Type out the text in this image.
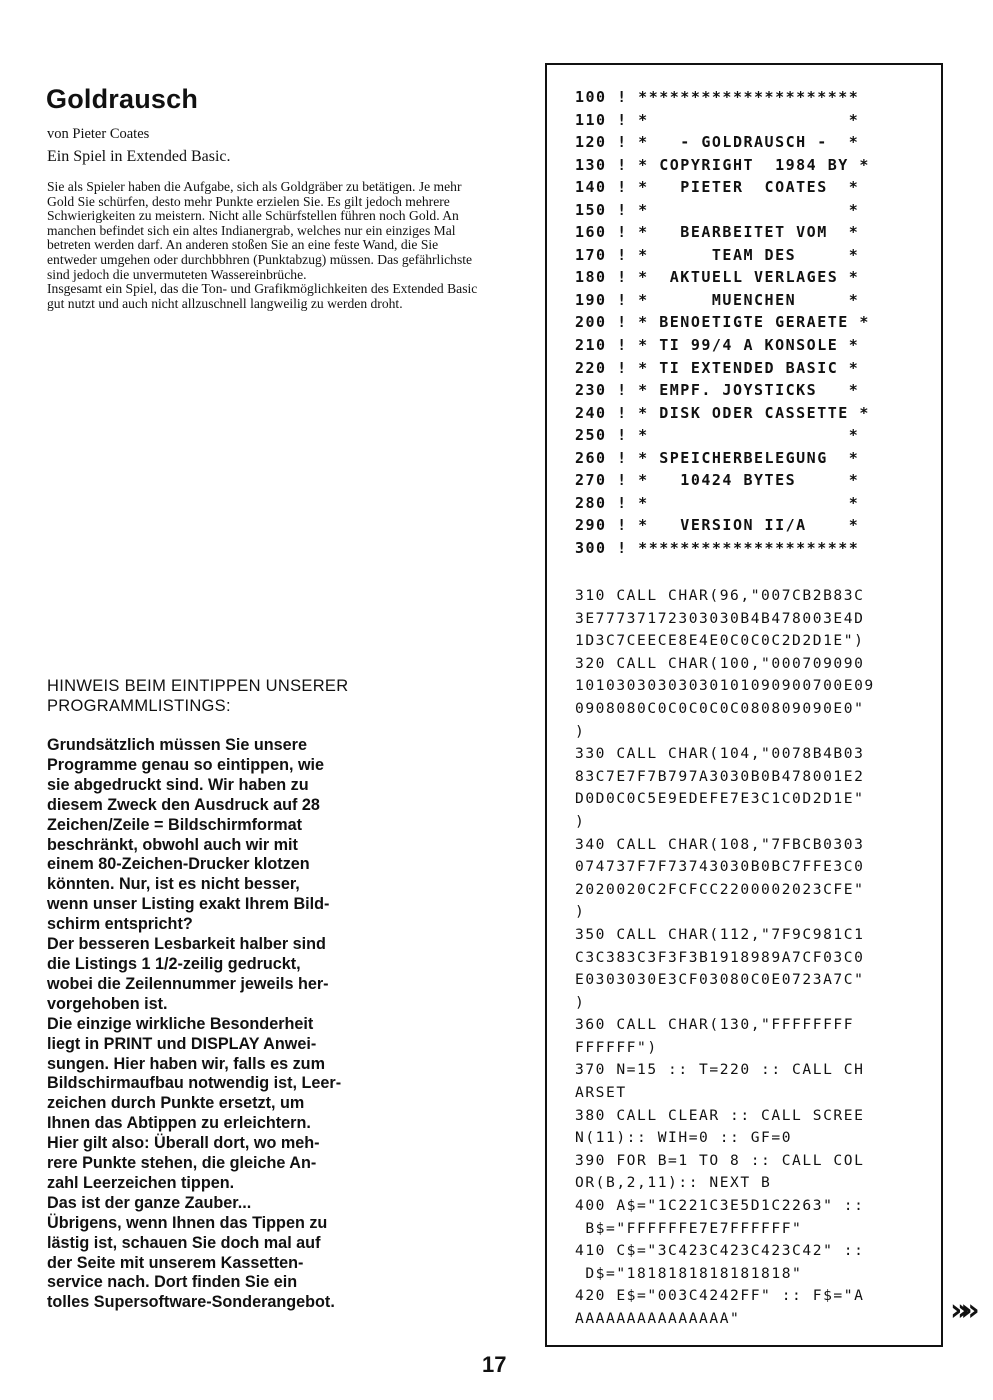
Goldrausch
von Pieter Coates
Ein Spiel in Extended Basic.

Sie als Spieler haben die Aufgabe, sich als Goldgräber zu betätigen. Je mehr Gold Sie schürfen, desto mehr Punkte erzielen Sie. Es gilt jedoch mehrere Schwierigkeiten zu meistern. Nicht alle Schürfstellen führen noch Gold. An manchen befindet sich ein altes Indianergrab, welches nur ein einziges Mal betreten werden darf. An anderen stoßen Sie an eine feste Wand, die Sie entweder umgehen oder durchbbhren (Punktabzug) müssen. Das gefährlichste sind jedoch die unvermuteten Wassereinbrüche.

Insgesamt ein Spiel, das die Ton- und Grafikmöglichkeiten des Extended Basic gut nutzt und auch nicht allzuschnell langweilig zu werden droht.

HINWEIS BEIM EINTIPPEN UNSERER
PROGRAMMLISTINGS:
Grundsätzlich müssen Sie unsere
Programme genau so eintippen, wie
sie abgedruckt sind. Wir haben zu
diesem Zweck den Ausdruck auf 28
Zeichen/Zeile = Bildschirmformat
beschränkt, obwohl auch wir mit
einem 80-Zeichen-Drucker klotzen
könnten. Nur, ist es nicht besser,
wenn unser Listing exakt Ihrem Bild-
schirm entspricht?
Der besseren Lesbarkeit halber sind
die Listings 1 1/2-zeilig gedruckt,
wobei die Zeilennummer jeweils her-
vorgehoben ist.
Die einzige wirkliche Besonderheit
liegt in PRINT und DISPLAY Anwei-
sungen. Hier haben wir, falls es zum
Bildschirmaufbau notwendig ist, Leer-
zeichen durch Punkte ersetzt, um
Ihnen das Abtippen zu erleichtern.
Hier gilt also: Überall dort, wo meh-
rere Punkte stehen, die gleiche An-
zahl Leerzeichen tippen.
Das ist der ganze Zauber...
Übrigens, wenn Ihnen das Tippen zu
lästig ist, schauen Sie doch mal auf
der Seite mit unserem Kassetten-
service nach. Dort finden Sie ein
tolles Supersoftware-Sonderangebot.
100 ! *********************
110 ! *                   *
120 ! *   - GOLDRAUSCH -  *
130 ! * COPYRIGHT  1984 BY *
140 ! *   PIETER  COATES  *
150 ! *                   *
160 ! *   BEARBEITET VOM  *
170 ! *      TEAM DES     *
180 ! *  AKTUELL VERLAGES *
190 ! *      MUENCHEN     *
200 ! * BENOETIGTE GERAETE *
210 ! * TI 99/4 A KONSOLE *
220 ! * TI EXTENDED BASIC *
230 ! * EMPF. JOYSTICKS   *
240 ! * DISK ODER CASSETTE *
250 ! *                   *
260 ! * SPEICHERBELEGUNG  *
270 ! *   10424 BYTES     *
280 ! *                   *
290 ! *   VERSION II/A    *
300 ! *********************
310 CALL CHAR(96,"007CB2B83C
3E77737172303030B4B478003E4D
1D3C7CEECE8E4E0C0C0C2D2D1E")
320 CALL CHAR(100,"000709090
10103030303030101090900700E09
0908080C0C0C0C0C080809090E0"
)
330 CALL CHAR(104,"0078B4B03
83C7E7F7B797A3030B0B478001E2
D0D0C0C5E9EDEFE7E3C1C0D2D1E"
)
340 CALL CHAR(108,"7FBCB0303
074737F7F73743030B0BC7FFE3C0
2020020C2FCFCC2200002023CFE"
)
350 CALL CHAR(112,"7F9C981C1
C3C383C3F3F3B1918989A7CF03C0
E0303030E3CF03080C0E0723A7C"
)
360 CALL CHAR(130,"FFFFFFFF
FFFFFF")
370 N=15 :: T=220 :: CALL CH
ARSET
380 CALL CLEAR :: CALL SCREE
N(11):: WIH=0 :: GF=0
390 FOR B=1 TO 8 :: CALL COL
OR(B,2,11):: NEXT B
400 A$="1C221C3E5D1C2263" ::
B$="FFFFFFE7E7FFFFFF"
410 C$="3C423C423C423C42" ::
D$="1818181818181818"
420 E$="003C4242FF" :: F$="A
AAAAAAAAAAAAAAA"	»»
17
